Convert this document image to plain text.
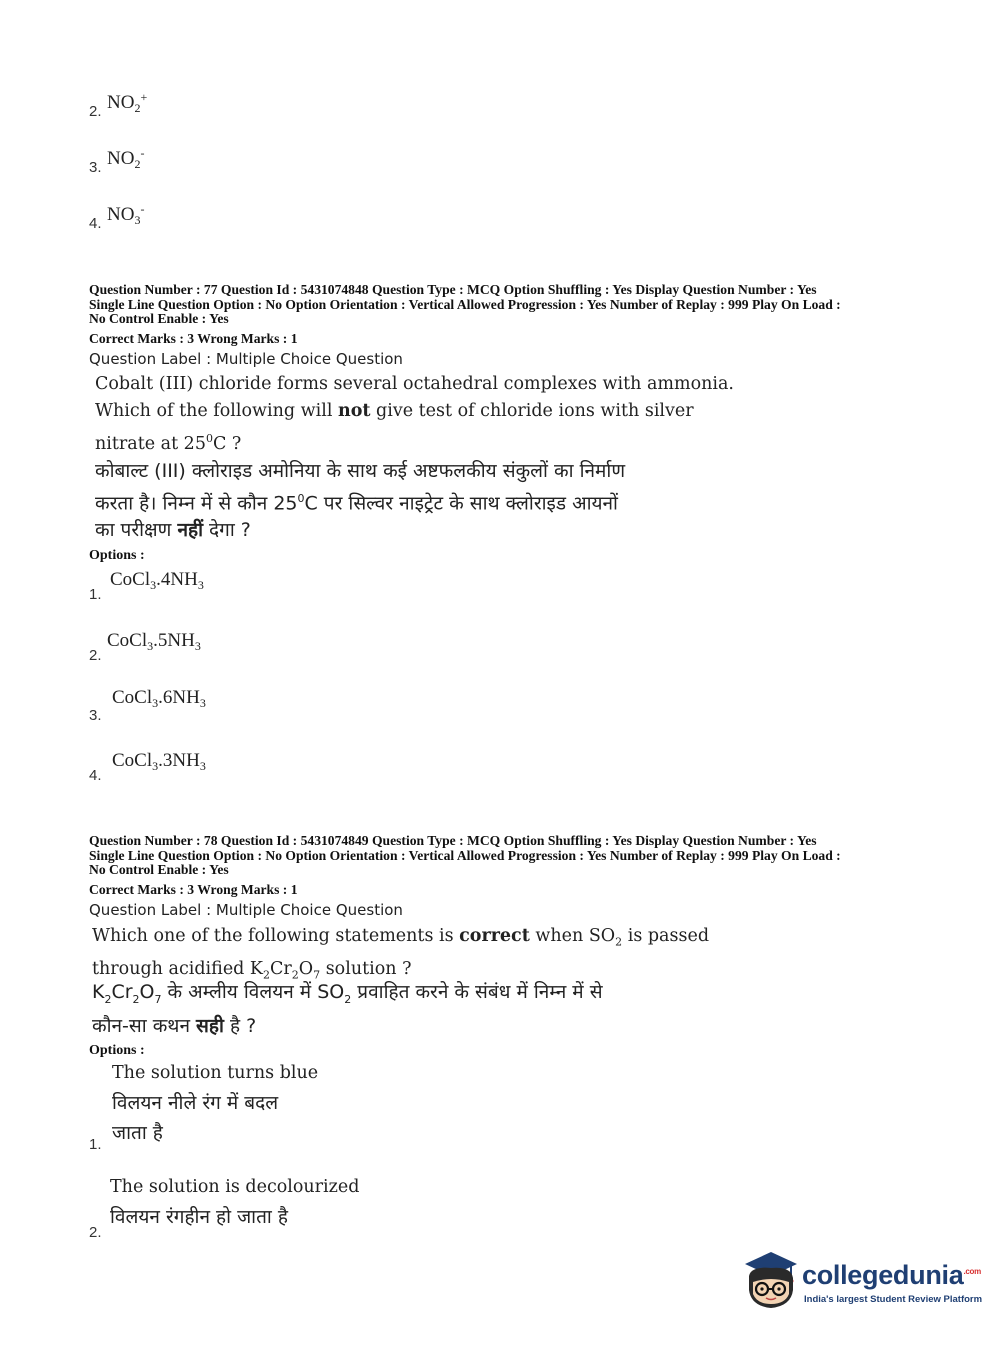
2. $NO_2^+$
3. $NO_2^-$
4. $NO_3^-$
Question Number : 77 Question Id : 5431074848 Question Type : MCQ Option Shuffling : Yes Display Question Number : Yes
Single Line Question Option : No Option Orientation : Vertical Allowed Progression : Yes Number of Replay : 999 Play On Load :
No Control Enable : Yes
Correct Marks : 3 Wrong Marks : 1
Question Label : Multiple Choice Question
Cobalt (III) chloride forms several octahedral complexes with ammonia.
Which of the following will not give test of chloride ions with silver
nitrate at $25^0C$ ?
कोबाल्ट (III) क्लोराइड अमोनिया के साथ कई अष्टफलकीय संकुलों का निर्माण
करता है। निम्न में से कौन $25^0C$ पर सिल्वर नाइट्रेट के साथ क्लोराइड आयनों
का परीक्षण नहीं देगा ?
Options :
1.
$CoCl_3.4NH_3$
2.
$CoCl_3.5NH_3$
3.
$CoCl_3.6NH_3$
4.
$CoCl_3.3NH_3$
Question Number : 78 Question Id : 5431074849 Question Type : MCQ Option Shuffling : Yes Display Question Number : Yes
Single Line Question Option : No Option Orientation : Vertical Allowed Progression : Yes Number of Replay : 999 Play On Load :
No Control Enable : Yes
Correct Marks : 3 Wrong Marks : 1
Question Label : Multiple Choice Question
Which one of the following statements is correct when $SO_2$ is passed
through acidified $K_2Cr_2O_7$ solution ?
$K_2Cr_2O_7$ के अम्लीय विलयन में $SO_2$ प्रवाहित करने के संबंध में निम्न में से
कौन-सा कथन सही है ?
Options :
The solution turns blue
विलयन नीले रंग में बदल
जाता है
1.
The solution is decolourized
विलयन रंगहीन हो जाता है
2.
collegedunia$^{.com}$
India's largest Student Review Platform
